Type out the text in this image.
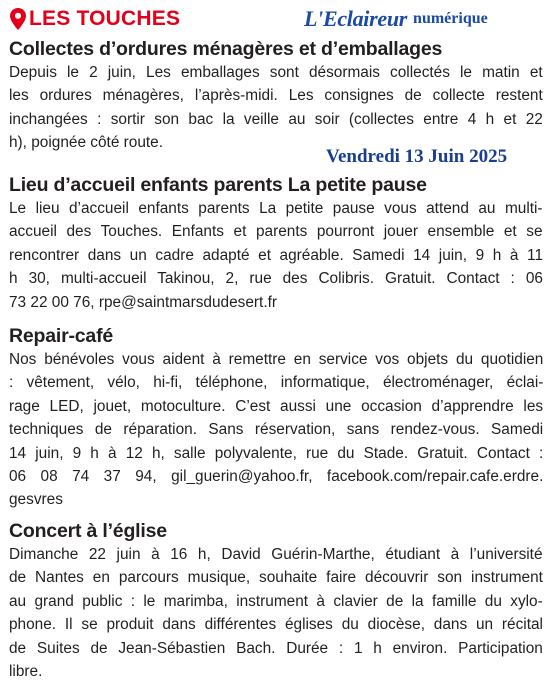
LES TOUCHES	L'Eclaireur numérique
Vendredi 13 Juin 2025
Collectes d’ordures ménagères et d’emballages

Depuis le 2 juin, Les emballages sont désormais collectés le matin et
les ordures ménagères, l’après-midi. Les consignes de collecte restent
inchangées : sortir son bac la veille au soir (collectes entre 4 h et 22
h), poignée côté route.

Lieu d’accueil enfants parents La petite pause

Le lieu d’accueil enfants parents La petite pause vous attend au multi-
accueil des Touches. Enfants et parents pourront jouer ensemble et se
rencontrer dans un cadre adapté et agréable. Samedi 14 juin, 9 h à 11
h 30, multi-accueil Takinou, 2, rue des Colibris. Gratuit. Contact : 06
73 22 00 76, rpe@saintmarsdudesert.fr

Repair-café

Nos bénévoles vous aident à remettre en service vos objets du quotidien
: vêtement, vélo, hi-fi, téléphone, informatique, électroménager, éclai-
rage LED, jouet, motoculture. C’est aussi une occasion d’apprendre les
techniques de réparation. Sans réservation, sans rendez-vous. Samedi
14 juin, 9 h à 12 h, salle polyvalente, rue du Stade. Gratuit. Contact :
06 08 74 37 94, gil_guerin@yahoo.fr, facebook.com/repair.cafe.erdre.
gesvres

Concert à l’église

Dimanche 22 juin à 16 h, David Guérin-Marthe, étudiant à l’université
de Nantes en parcours musique, souhaite faire découvrir son instrument
au grand public : le marimba, instrument à clavier de la famille du xylo-
phone. Il se produit dans différentes églises du diocèse, dans un récital
de Suites de Jean-Sébastien Bach. Durée : 1 h environ. Participation
libre.
